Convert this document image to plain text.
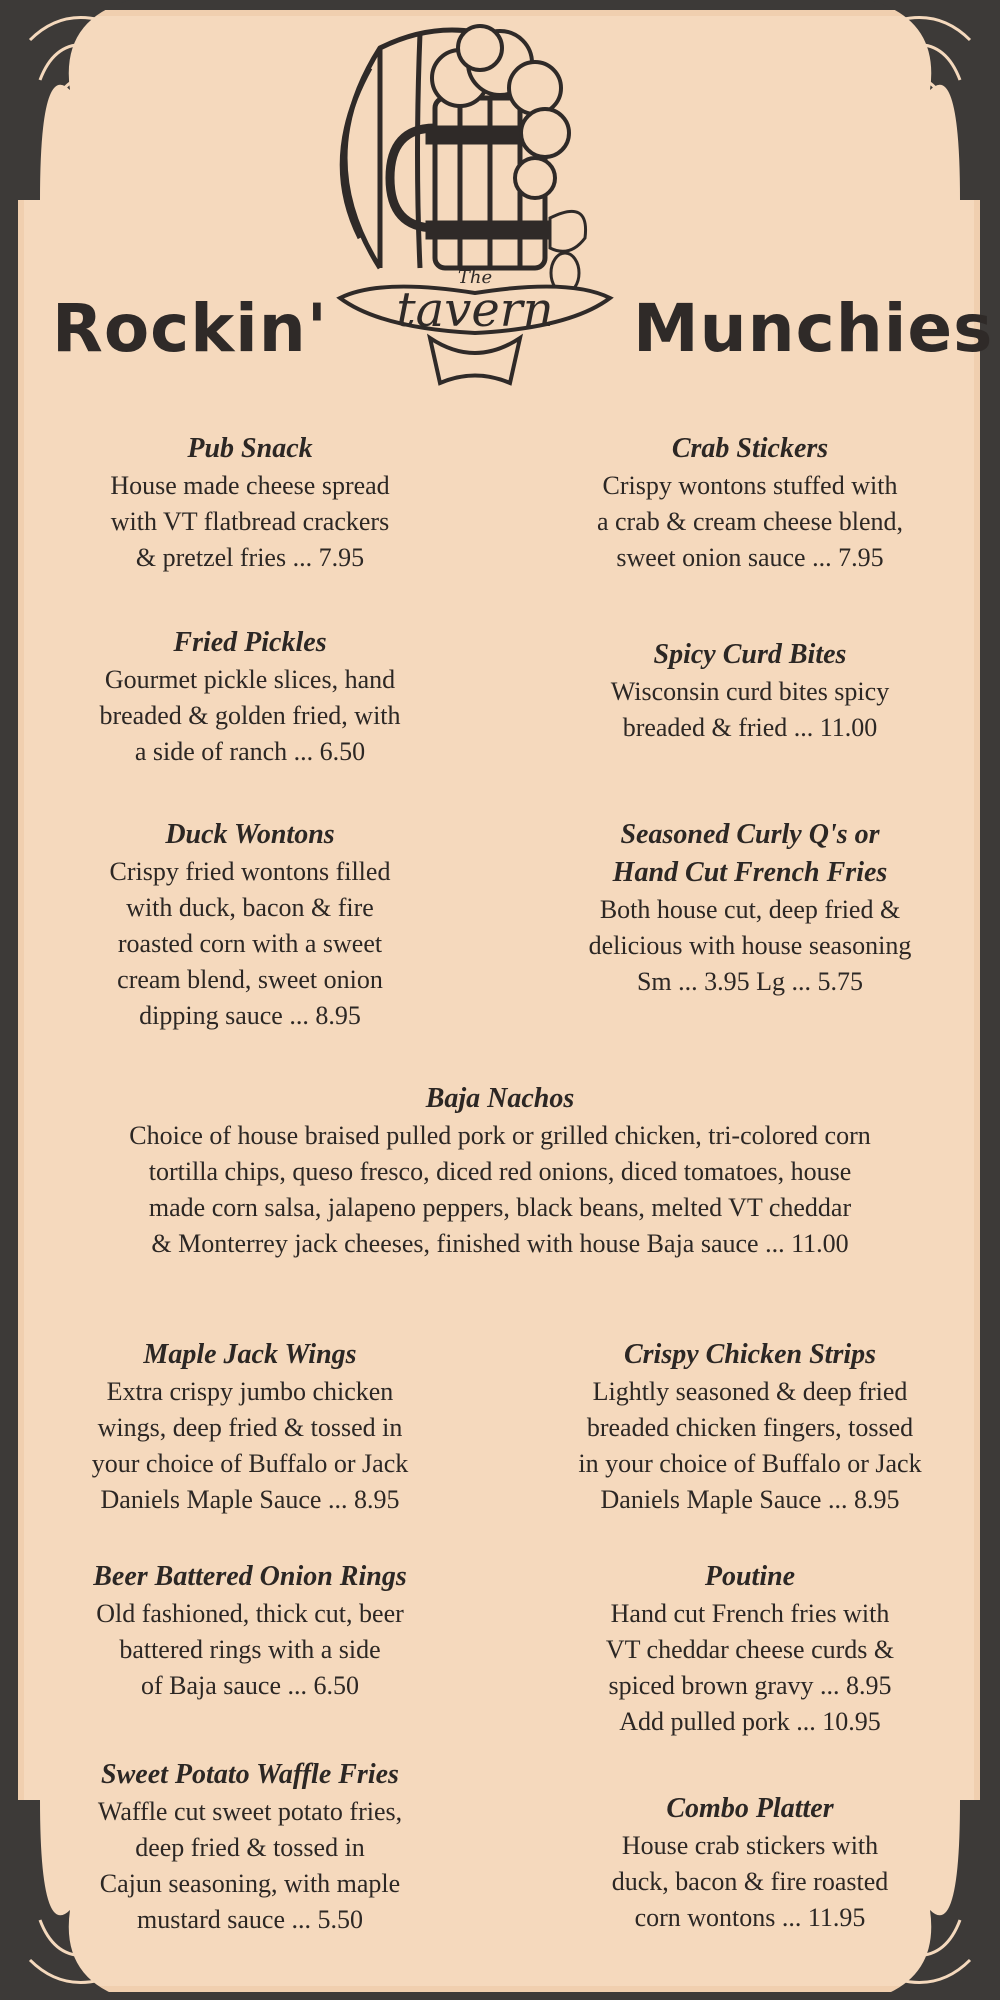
The
tavern
Rockin'	Munchies
Pub Snack
House made cheese spread
with VT flatbread crackers
& pretzel fries ... 7.95
Crab Stickers
Crispy wontons stuffed with
a crab & cream cheese blend,
sweet onion sauce ... 7.95
Fried Pickles
Gourmet pickle slices, hand
breaded & golden fried, with
a side of ranch ... 6.50
Spicy Curd Bites
Wisconsin curd bites spicy
breaded & fried ... 11.00
Duck Wontons
Crispy fried wontons filled
with duck, bacon & fire
roasted corn with a sweet
cream blend, sweet onion
dipping sauce ... 8.95
Seasoned Curly Q's or
Hand Cut French Fries
Both house cut, deep fried &
delicious with house seasoning
Sm ... 3.95 Lg ... 5.75
Baja Nachos
Choice of house braised pulled pork or grilled chicken, tri-colored corn
tortilla chips, queso fresco, diced red onions, diced tomatoes, house
made corn salsa, jalapeno peppers, black beans, melted VT cheddar
& Monterrey jack cheeses, finished with house Baja sauce ... 11.00
Maple Jack Wings
Extra crispy jumbo chicken
wings, deep fried & tossed in
your choice of Buffalo or Jack
Daniels Maple Sauce ... 8.95
Crispy Chicken Strips
Lightly seasoned & deep fried
breaded chicken fingers, tossed
in your choice of Buffalo or Jack
Daniels Maple Sauce ... 8.95
Beer Battered Onion Rings
Old fashioned, thick cut, beer
battered rings with a side
of Baja sauce ... 6.50
Poutine
Hand cut French fries with
VT cheddar cheese curds &
spiced brown gravy ... 8.95
Add pulled pork ... 10.95
Sweet Potato Waffle Fries
Waffle cut sweet potato fries,
deep fried & tossed in
Cajun seasoning, with maple
mustard sauce ... 5.50
Combo Platter
House crab stickers with
duck, bacon & fire roasted
corn wontons ... 11.95
